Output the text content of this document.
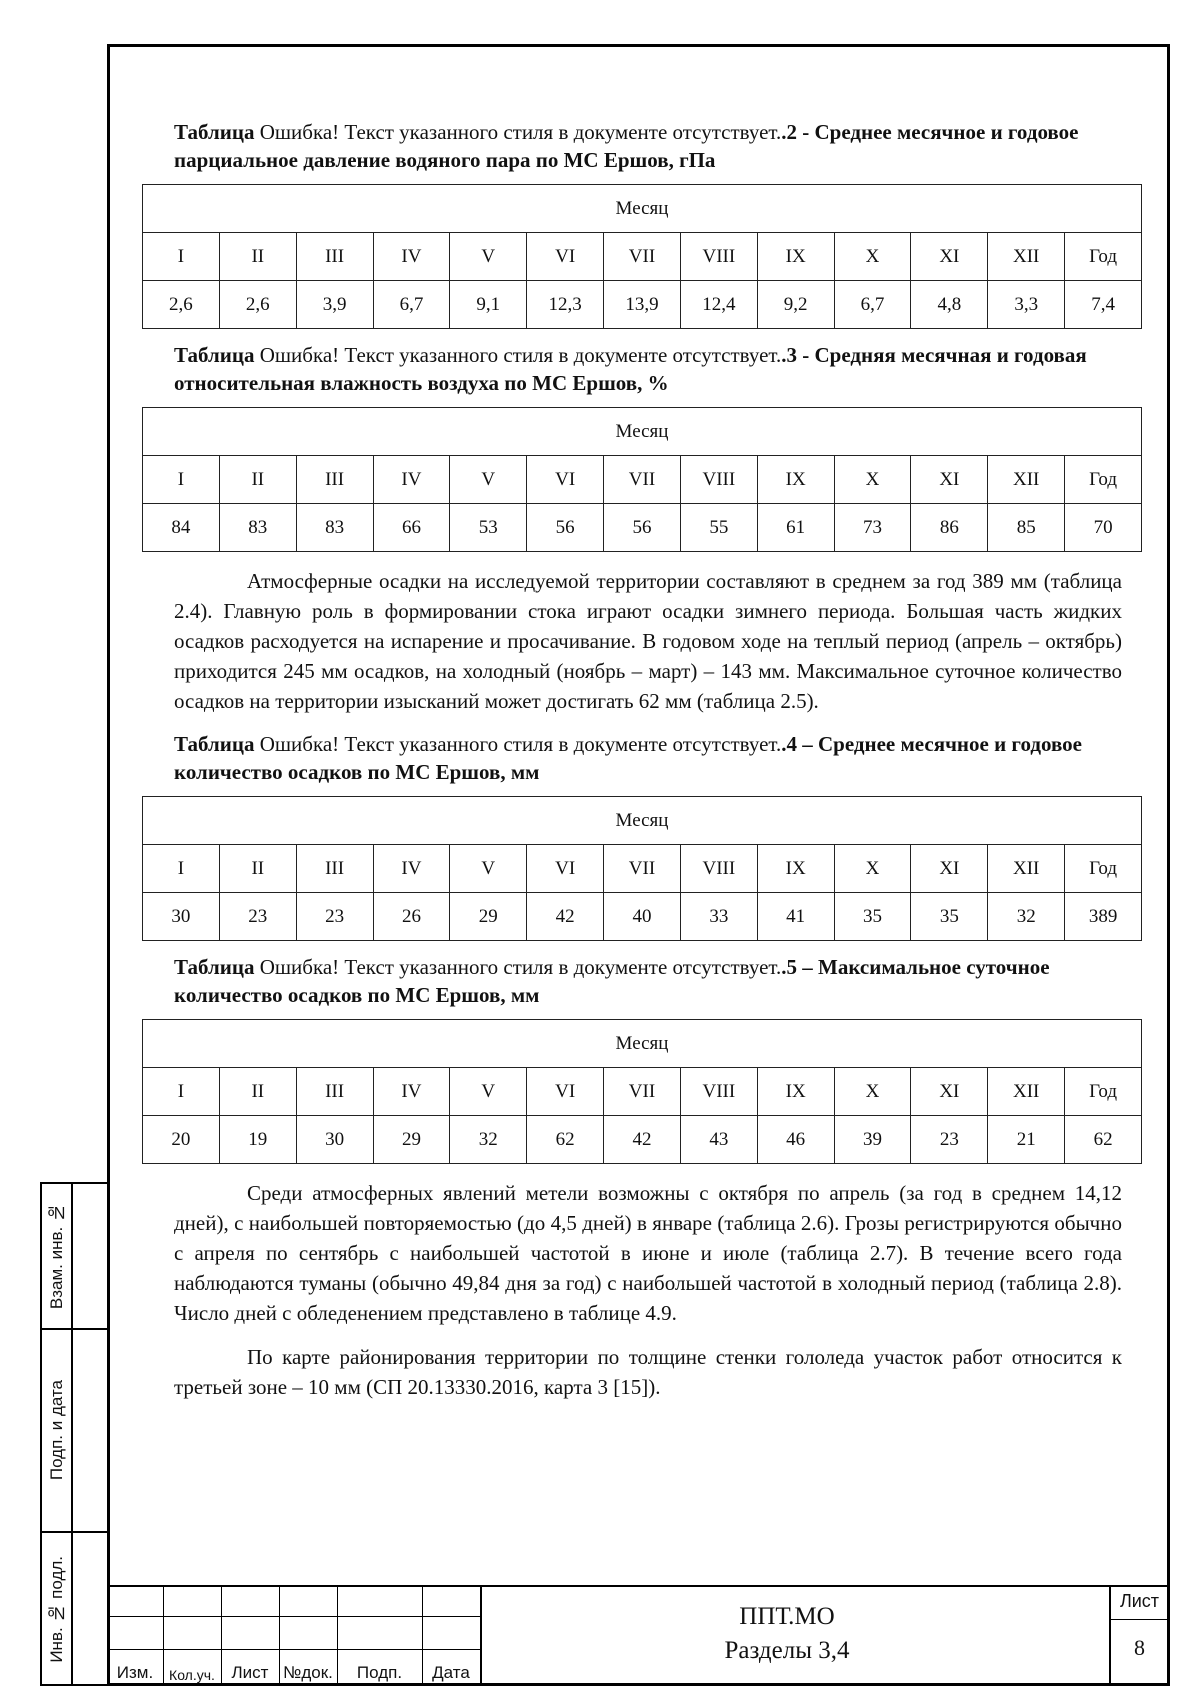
Таблица Ошибка! Текст указанного стиля в документе отсутствует..2 - Среднее месячное и годовое парциальное давление водяного пара по МС Ершов, гПа
Месяц												
I	II	III	IV	V	VI	VII	VIII	IX	X	XI	XII	Год
2,6	2,6	3,9	6,7	9,1	12,3	13,9	12,4	9,2	6,7	4,8	3,3	7,4
Таблица Ошибка! Текст указанного стиля в документе отсутствует..3 - Средняя месячная и годовая относительная влажность воздуха по МС Ершов, %
Месяц												
I	II	III	IV	V	VI	VII	VIII	IX	X	XI	XII	Год
84	83	83	66	53	56	56	55	61	73	86	85	70

Атмосферные осадки на исследуемой территории составляют в среднем за год 389 мм (таблица 2.4). Главную роль в формировании стока играют осадки зимнего периода. Большая часть жидких осадков расходуется на испарение и просачивание. В годовом ходе на теплый период (апрель – октябрь) приходится 245 мм осадков, на холодный (ноябрь – март) – 143 мм. Максимальное суточное количество осадков на территории изысканий может достигать 62 мм (таблица 2.5).

Таблица Ошибка! Текст указанного стиля в документе отсутствует..4 – Среднее месячное и годовое количество осадков по МС Ершов, мм
Месяц												
I	II	III	IV	V	VI	VII	VIII	IX	X	XI	XII	Год
30	23	23	26	29	42	40	33	41	35	35	32	389
Таблица Ошибка! Текст указанного стиля в документе отсутствует..5 – Максимальное суточное количество осадков по МС Ершов, мм
Месяц												
I	II	III	IV	V	VI	VII	VIII	IX	X	XI	XII	Год
20	19	30	29	32	62	42	43	46	39	23	21	62

Среди атмосферных явлений метели возможны с октября по апрель (за год в среднем 14,12 дней), с наибольшей повторяемостью (до 4,5 дней) в январе (таблица 2.6). Грозы регистрируются обычно с апреля по сентябрь с наибольшей частотой в июне и июле (таблица 2.7). В течение всего года наблюдаются туманы (обычно 49,84 дня за год) с наибольшей частотой в холодный период (таблица 2.8). Число дней с обледенением представлено в таблице 4.9.

По карте районирования территории по толщине стенки гололеда участок работ относится к третьей зоне – 10 мм (СП 20.13330.2016, карта 3 [15]).

Взам. инв. №
Подп. и дата
Инв. № подл.
Изм.	Кол.уч. Лист №док.	Подп.	Дата
ППТ.МО
Разделы 3,4
Лист
8
